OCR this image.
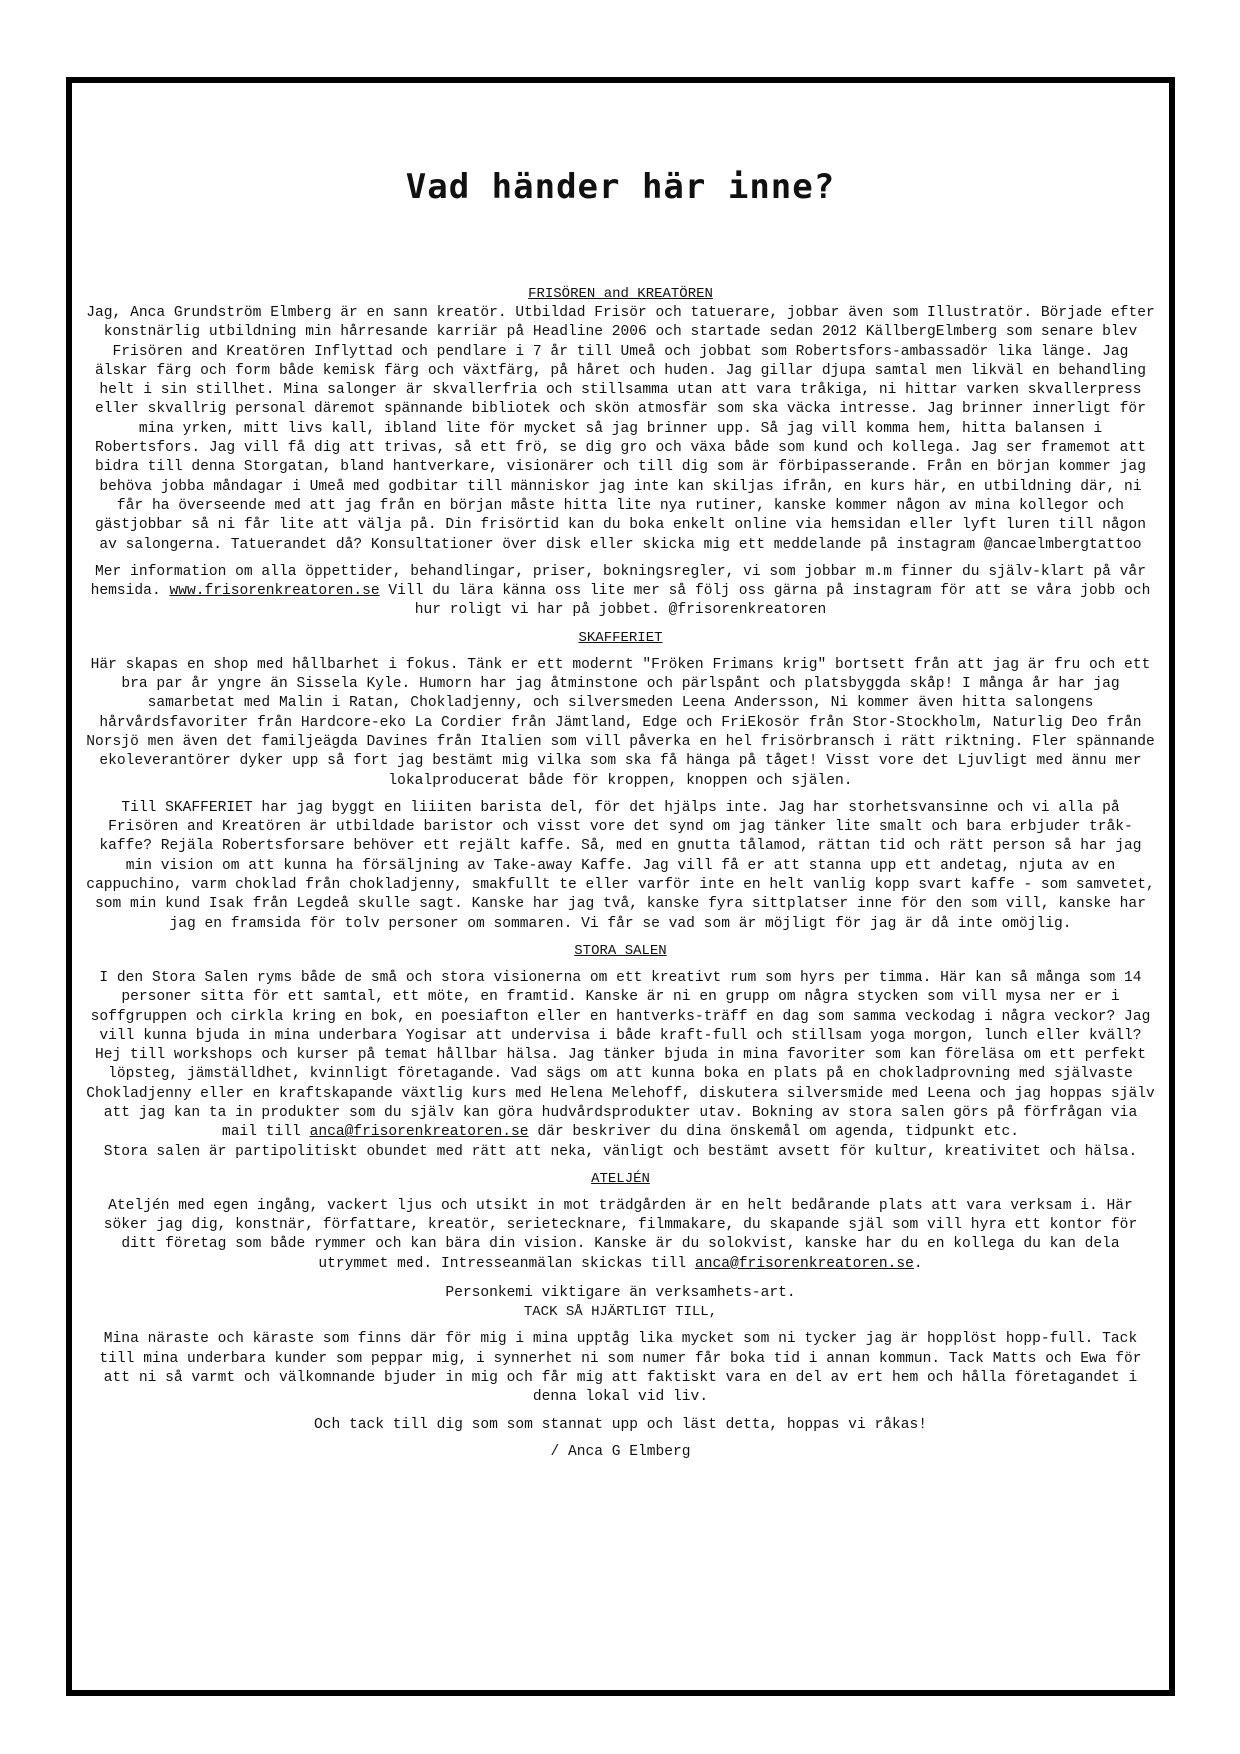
Vad händer här inne?
FRISÖREN and KREATÖREN

Jag, Anca Grundström Elmberg är en sann kreatör. Utbildad Frisör och tatuerare, jobbar även som Illustratör. Började efter konstnärlig utbildning min hårresande karriär på Headline 2006 och startade sedan 2012 KällbergElmberg som senare blev Frisören and Kreatören Inflyttad och pendlare i 7 år till Umeå och jobbat som Robertsfors-ambassadör lika länge. Jag älskar färg och form både kemisk färg och växtfärg, på håret och huden. Jag gillar djupa samtal men likväl en behandling helt i sin stillhet. Mina salonger är skvallerfria och stillsamma utan att vara tråkiga, ni hittar varken skvallerpress eller skvallrig personal däremot spännande bibliotek och skön atmosfär som ska väcka intresse. Jag brinner innerligt för mina yrken, mitt livs kall, ibland lite för mycket så jag brinner upp. Så jag vill komma hem, hitta balansen i Robertsfors. Jag vill få dig att trivas, så ett frö, se dig gro och växa både som kund och kollega. Jag ser framemot att bidra till denna Storgatan, bland hantverkare, visionärer och till dig som är förbipasserande. Från en början kommer jag behöva jobba måndagar i Umeå med godbitar till människor jag inte kan skiljas ifrån, en kurs här, en utbildning där, ni får ha överseende med att jag från en början måste hitta lite nya rutiner, kanske kommer någon av mina kollegor och gästjobbar så ni får lite att välja på. Din frisörtid kan du boka enkelt online via hemsidan eller lyft luren till någon av salongerna. Tatuerandet då? Konsultationer över disk eller skicka mig ett meddelande på instagram @ancaelmbergtattoo

Mer information om alla öppettider, behandlingar, priser, bokningsregler, vi som jobbar m.m finner du själv-klart på vår hemsida. www.frisorenkreatoren.se Vill du lära känna oss lite mer så följ oss gärna på instagram för att se våra jobb och hur roligt vi har på jobbet. @frisorenkreatoren

SKAFFERIET

Här skapas en shop med hållbarhet i fokus. Tänk er ett modernt "Fröken Frimans krig" bortsett från att jag är fru och ett bra par år yngre än Sissela Kyle. Humorn har jag åtminstone och pärlspånt och platsbyggda skåp! I många år har jag samarbetat med Malin i Ratan, Chokladjenny, och silversmeden Leena Andersson, Ni kommer även hitta salongens hårvårdsfavoriter från Hardcore-eko La Cordier från Jämtland, Edge och FriEkosör från Stor-Stockholm, Naturlig Deo från Norsjö men även det familjeägda Davines från Italien som vill påverka en hel frisörbransch i rätt riktning. Fler spännande ekoleverantörer dyker upp så fort jag bestämt mig vilka som ska få hänga på tåget! Visst vore det Ljuvligt med ännu mer lokalproducerat både för kroppen, knoppen och själen.

Till SKAFFERIET har jag byggt en liiiten barista del, för det hjälps inte. Jag har storhetsvansinne och vi alla på Frisören and Kreatören är utbildade baristor och visst vore det synd om jag tänker lite smalt och bara erbjuder tråk-kaffe? Rejäla Robertsforsare behöver ett rejält kaffe. Så, med en gnutta tålamod, rättan tid och rätt person så har jag min vision om att kunna ha försäljning av Take-away Kaffe. Jag vill få er att stanna upp ett andetag, njuta av en cappuchino, varm choklad från chokladjenny, smakfullt te eller varför inte en helt vanlig kopp svart kaffe - som samvetet, som min kund Isak från Legdeå skulle sagt. Kanske har jag två, kanske fyra sittplatser inne för den som vill, kanske har jag en framsida för tolv personer om sommaren. Vi får se vad som är möjligt för jag är då inte omöjlig.

STORA SALEN

I den Stora Salen ryms både de små och stora visionerna om ett kreativt rum som hyrs per timma. Här kan så många som 14 personer sitta för ett samtal, ett möte, en framtid. Kanske är ni en grupp om några stycken som vill mysa ner er i soffgruppen och cirkla kring en bok, en poesiafton eller en hantverks-träff en dag som samma veckodag i några veckor? Jag vill kunna bjuda in mina underbara Yogisar att undervisa i både kraft-full och stillsam yoga morgon, lunch eller kväll? Hej till workshops och kurser på temat hållbar hälsa. Jag tänker bjuda in mina favoriter som kan föreläsa om ett perfekt löpsteg, jämställdhet, kvinnligt företagande. Vad sägs om att kunna boka en plats på en chokladprovning med självaste Chokladjenny eller en kraftskapande växtlig kurs med Helena Melehoff, diskutera silversmide med Leena och jag hoppas själv att jag kan ta in produkter som du själv kan göra hudvårdsprodukter utav. Bokning av stora salen görs på förfrågan via mail till anca@frisorenkreatoren.se där beskriver du dina önskemål om agenda, tidpunkt etc.

Stora salen är partipolitiskt obundet med rätt att neka, vänligt och bestämt avsett för kultur, kreativitet och hälsa.

ATELJÉN

Ateljén med egen ingång, vackert ljus och utsikt in mot trädgården är en helt bedårande plats att vara verksam i. Här söker jag dig, konstnär, författare, kreatör, serietecknare, filmmakare, du skapande själ som vill hyra ett kontor för ditt företag som både rymmer och kan bära din vision. Kanske är du solokvist, kanske har du en kollega du kan dela utrymmet med. Intresseanmälan skickas till anca@frisorenkreatoren.se.

Personkemi viktigare än verksamhets-art.

TACK SÅ HJÄRTLIGT TILL,

Mina näraste och käraste som finns där för mig i mina upptåg lika mycket som ni tycker jag är hopplöst hopp-full. Tack till mina underbara kunder som peppar mig, i synnerhet ni som numer får boka tid i annan kommun. Tack Matts och Ewa för att ni så varmt och välkomnande bjuder in mig och får mig att faktiskt vara en del av ert hem och hålla företagandet i denna lokal vid liv.

Och tack till dig som som stannat upp och läst detta, hoppas vi råkas!

/ Anca G Elmberg
